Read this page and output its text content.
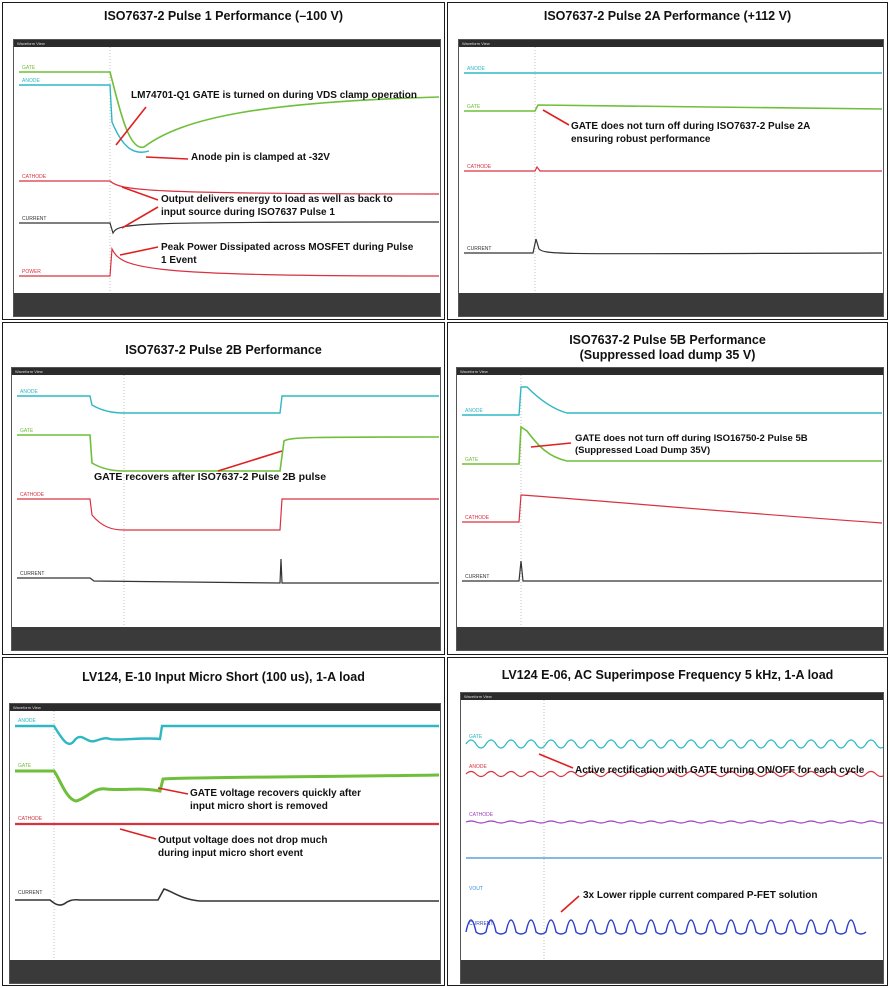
ISO7637-2 Pulse 1 Performance (–100 V)
Waveform View
GATE
ANODE
CATHODE
CURRENT
POWER
LM74701-Q1 GATE is turned on during VDS clamp operation
Anode pin is clamped at -32V
Output delivers energy to load as well as back to
input source during ISO7637 Pulse 1
Peak Power Dissipated across MOSFET during Pulse
1 Event
ISO7637-2 Pulse 2A Performance (+112 V)
Waveform View
ANODE
GATE
CATHODE
CURRENT
GATE does not turn off during ISO7637-2 Pulse 2A
ensuring robust performance
ISO7637-2 Pulse 2B Performance
Waveform View
ANODE
GATE
CATHODE
CURRENT
GATE recovers after ISO7637-2 Pulse 2B pulse
ISO7637-2 Pulse 5B Performance
(Suppressed load dump 35 V)
Waveform View
ANODE
GATE
CATHODE
CURRENT
GATE does not turn off during ISO16750-2 Pulse 5B
(Suppressed Load Dump 35V)
LV124, E-10 Input Micro Short (100 us), 1-A load
Waveform View
ANODE
GATE
CATHODE
CURRENT
GATE voltage recovers quickly after
input micro short is removed
Output voltage does not drop much
during input micro short event
LV124 E-06, AC Superimpose Frequency 5 kHz, 1-A load
Waveform View
GATE
ANODE
CATHODE
VOUT
CURRENT
Active rectification with GATE turning ON/OFF for each cycle
3x Lower ripple current compared P-FET solution
